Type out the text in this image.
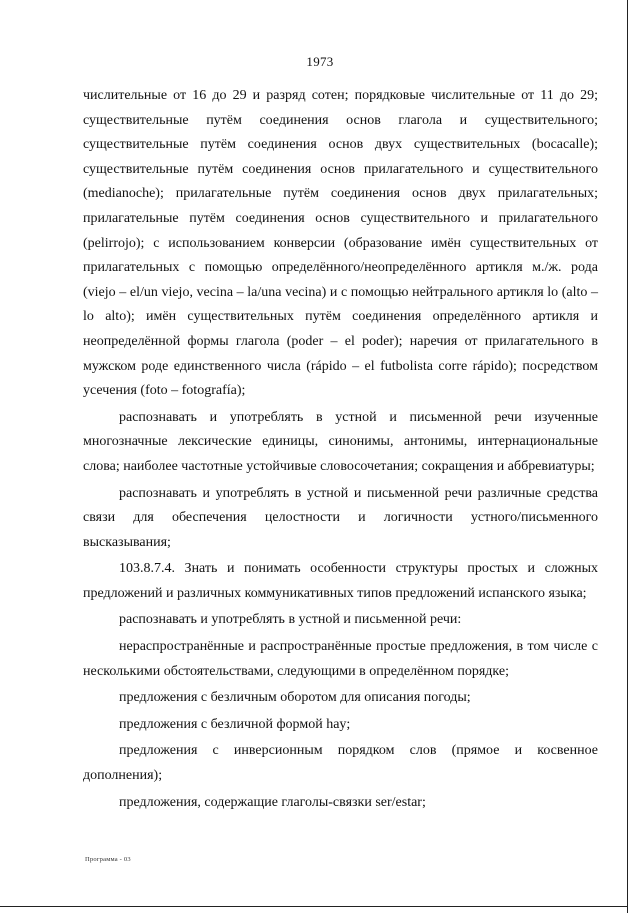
1973

числительные от 16 до 29 и разряд сотен; порядковые числительные от 11 до 29; существительные путём соединения основ глагола и существительного; существительные путём соединения основ двух существительных (bocacalle); существительные путём соединения основ прилагательного и существительного (medianoche); прилагательные путём соединения основ двух прилагательных; прилагательные путём соединения основ существительного и прилагательного (pelirrojo); с использованием конверсии (образование имён существительных от прилагательных с помощью определённого/неопределённого артикля м./ж. рода (viejo – el/un viejo, vecina – la/una vecina) и с помощью нейтрального артикля lo (alto – lo alto); имён существительных путём соединения определённого артикля и неопределённой формы глагола (poder – el poder); наречия от прилагательного в мужском роде единственного числа (rápido – el futbolista corre rápido); посредством усечения (foto – fotografía);

распознавать и употреблять в устной и письменной речи изученные многозначные лексические единицы, синонимы, антонимы, интернациональные слова; наиболее частотные устойчивые словосочетания; сокращения и аббревиатуры;

распознавать и употреблять в устной и письменной речи различные средства связи для обеспечения целостности и логичности устного/письменного высказывания;

103.8.7.4. Знать и понимать особенности структуры простых и сложных предложений и различных коммуникативных типов предложений испанского языка;

распознавать и употреблять в устной и письменной речи:

нераспространённые и распространённые простые предложения, в том числе с несколькими обстоятельствами, следующими в определённом порядке;

предложения с безличным оборотом для описания погоды;

предложения с безличной формой hay;

предложения с инверсионным порядком слов (прямое и косвенное дополнения);

предложения, содержащие глаголы-связки ser/estar;

Программа - 03
